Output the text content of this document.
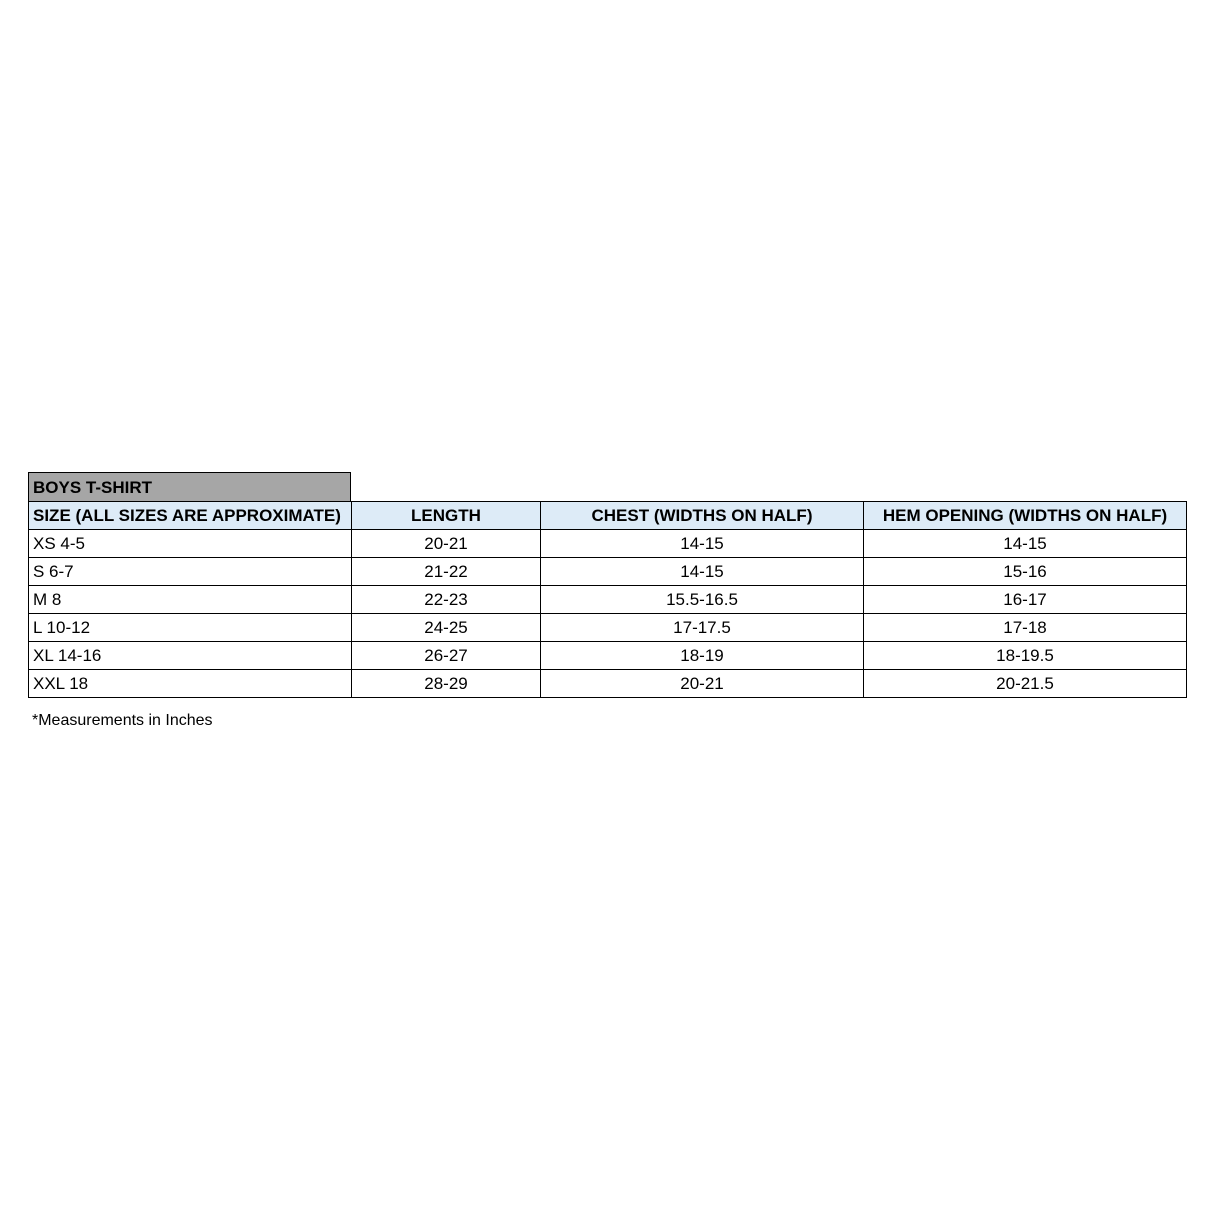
BOYS T-SHIRT
SIZE (ALL SIZES ARE APPROXIMATE)	LENGTH	CHEST (WIDTHS ON HALF)	HEM OPENING (WIDTHS ON HALF)
XS 4-5	20-21	14-15	14-15
S 6-7	21-22	14-15	15-16
M 8	22-23	15.5-16.5	16-17
L 10-12	24-25	17-17.5	17-18
XL 14-16	26-27	18-19	18-19.5
XXL 18	28-29	20-21	20-21.5
*Measurements in Inches
